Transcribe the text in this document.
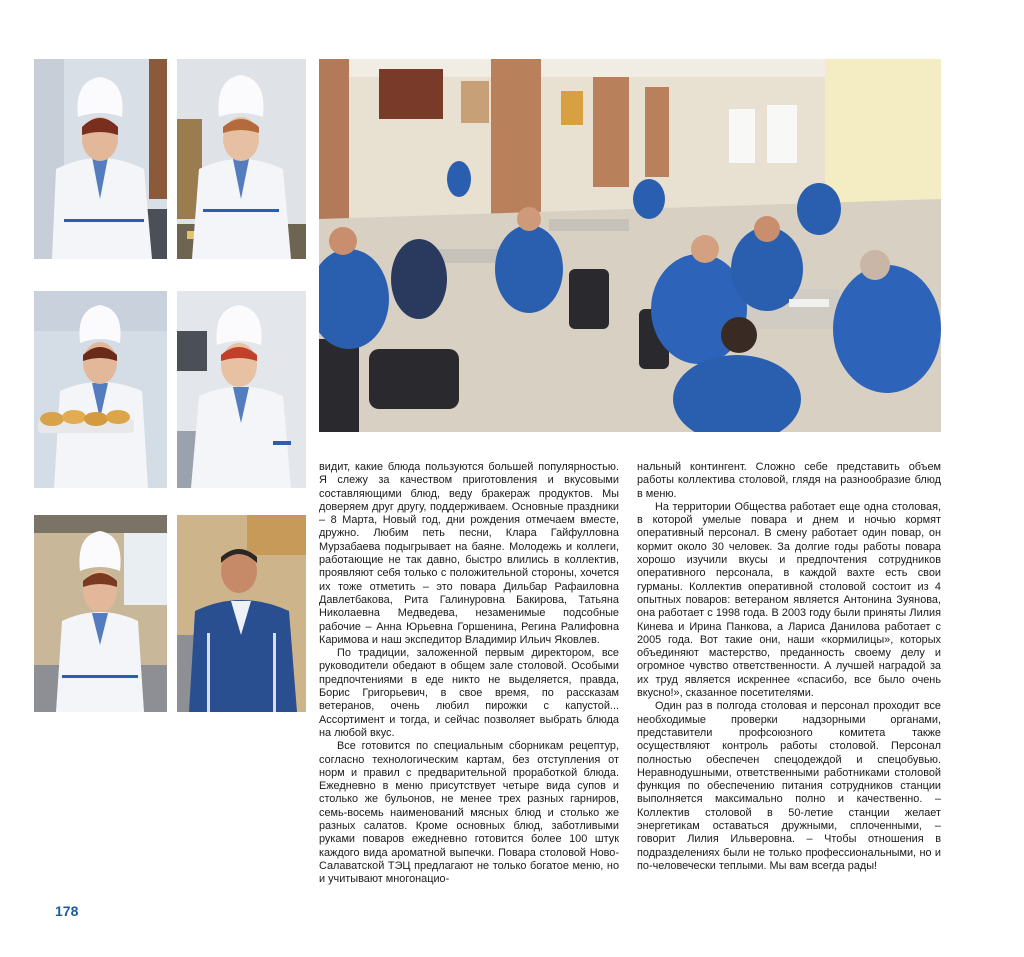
видит, какие блюда пользуются большей популярностью. Я слежу за качеством приготовления и вкусовыми составляющими блюд, веду бракераж продуктов. Мы доверяем друг другу, поддерживаем. Основные праздники – 8 Марта, Новый год, дни рождения отмечаем вместе, дружно. Любим петь песни, Клара Гайфулловна Мурзабаева подыгрывает на баяне. Молодежь и коллеги, работающие не так давно, быстро влились в коллектив, проявляют себя только с положительной стороны, хочется их тоже отметить – это повара Дильбар Рафаиловна Давлетбакова, Рита Галинуровна Бакирова, Татьяна Николаевна Медведева, незаменимые подсобные рабочие – Анна Юрьевна Горшенина, Регина Ралифовна Каримова и наш экспедитор Владимир Ильич Яковлев.

По традиции, заложенной первым директором, все руководители обедают в общем зале столовой. Особыми предпочтениями в еде никто не выделяется, правда, Борис Григорьевич, в свое время, по рассказам ветеранов, очень любил пирожки с капустой... Ассортимент и тогда, и сейчас позволяет выбрать блюда на любой вкус.

Все готовится по специальным сборникам рецептур, согласно технологическим картам, без отступления от норм и правил с предварительной проработкой блюда. Ежедневно в меню присутствует четыре вида супов и столько же бульонов, не менее трех разных гарниров, семь-восемь наименований мясных блюд и столько же разных салатов. Кроме основных блюд, заботливыми руками поваров ежедневно готовится более 100 штук каждого вида ароматной выпечки. Повара столовой Ново-Салаватской ТЭЦ предлагают не только богатое меню, но и учитывают многонацио-

нальный контингент. Сложно себе представить объем работы коллектива столовой, глядя на разнообразие блюд в меню.

На территории Общества работает еще одна столовая, в которой умелые повара и днем и ночью кормят оперативный персонал. В смену работает один повар, он кормит около 30 человек. За долгие годы работы повара хорошо изучили вкусы и предпочтения сотрудников оперативного персонала, в каждой вахте есть свои гурманы. Коллектив оперативной столовой состоит из 4 опытных поваров: ветераном является Антонина Зуянова, она работает с 1998 года. В 2003 году были приняты Лилия Кинева и Ирина Панкова, а Лариса Данилова работает с 2005 года. Вот такие они, наши «кормилицы», которых объединяют мастерство, преданность своему делу и огромное чувство ответственности. А лучшей наградой за их труд является искреннее «спасибо, все было очень вкусно!», сказанное посетителями.

Один раз в полгода столовая и персонал проходит все необходимые проверки надзорными органами, представители профсоюзного комитета также осуществляют контроль работы столовой. Персонал полностью обеспечен спецодеждой и спецобувью. Неравнодушными, ответственными работниками столовой функция по обеспечению питания сотрудников станции выполняется максимально полно и качественно. – Коллектив столовой в 50-летие станции желает энергетикам оставаться дружными, сплоченными, – говорит Лилия Ильверовна. – Чтобы отношения в подразделениях были не только профессиональными, но и по-человечески теплыми. Мы вам всегда рады!

178
